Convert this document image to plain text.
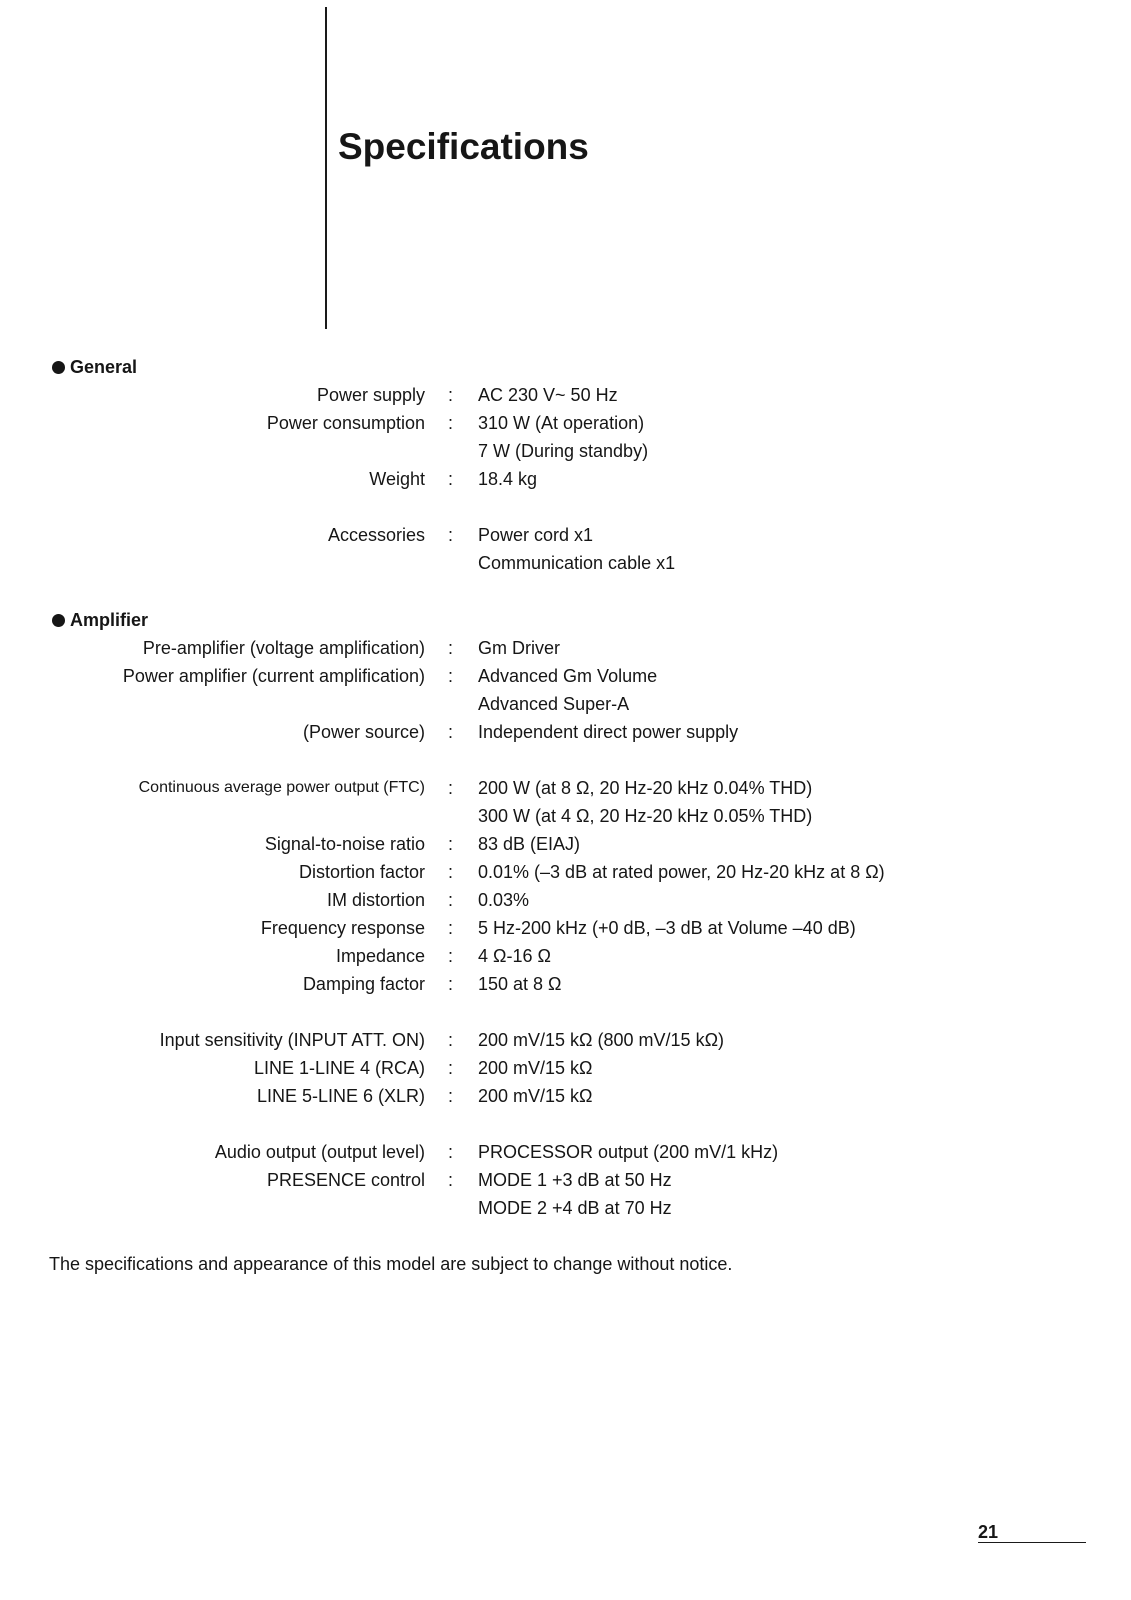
Specifications
General
Power supply : AC 230 V~ 50 Hz
Power consumption : 310 W (At operation)
7 W (During standby)
Weight : 18.4 kg
Accessories : Power cord x1
Communication cable x1
Amplifier
Pre-amplifier (voltage amplification) : Gm Driver
Power amplifier (current amplification) : Advanced Gm Volume
Advanced Super-A
(Power source) : Independent direct power supply
Continuous average power output (FTC) : 200 W (at 8 Ω, 20 Hz-20 kHz 0.04% THD)
300 W (at 4 Ω, 20 Hz-20 kHz 0.05% THD)
Signal-to-noise ratio : 83 dB (EIAJ)
Distortion factor : 0.01% (–3 dB at rated power, 20 Hz-20 kHz at 8 Ω)
IM distortion : 0.03%
Frequency response : 5 Hz-200 kHz (+0 dB, –3 dB at Volume –40 dB)
Impedance : 4 Ω-16 Ω
Damping factor : 150 at 8 Ω
Input sensitivity (INPUT ATT. ON) : 200 mV/15 kΩ (800 mV/15 kΩ)
LINE 1-LINE 4 (RCA) : 200 mV/15 kΩ
LINE 5-LINE 6 (XLR) : 200 mV/15 kΩ
Audio output (output level) : PROCESSOR output (200 mV/1 kHz)
PRESENCE control : MODE 1 +3 dB at 50 Hz
MODE 2 +4 dB at 70 Hz
The specifications and appearance of this model are subject to change without notice.
21
